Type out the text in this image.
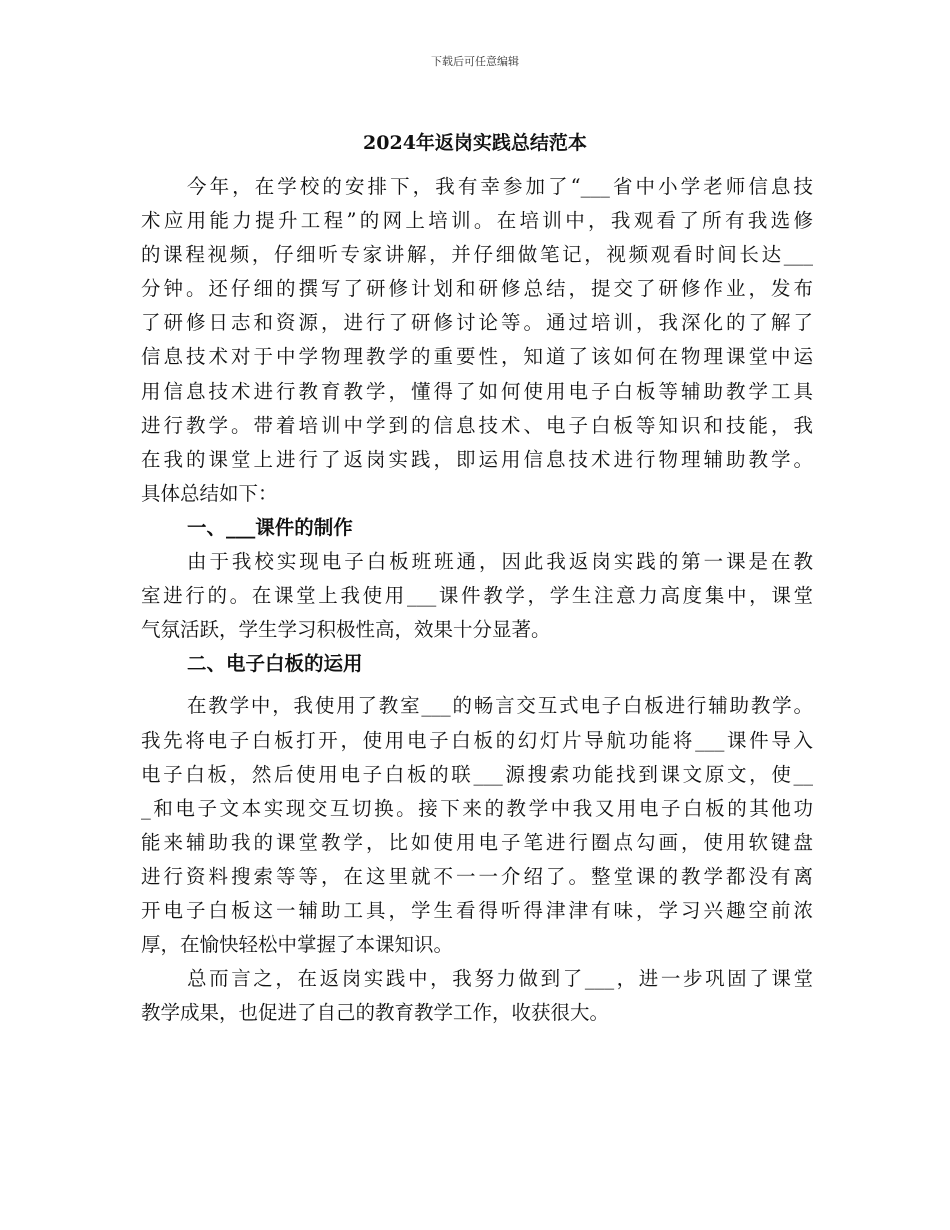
下载后可任意编辑
2024年返岗实践总结范本
今年，在学校的安排下，我有幸参加了“___省中小学老师信息技
术应用能力提升工程”的网上培训。在培训中，我观看了所有我选修
的课程视频，仔细听专家讲解，并仔细做笔记，视频观看时间长达___
分钟。还仔细的撰写了研修计划和研修总结，提交了研修作业，发布
了研修日志和资源，进行了研修讨论等。通过培训，我深化的了解了
信息技术对于中学物理教学的重要性，知道了该如何在物理课堂中运
用信息技术进行教育教学，懂得了如何使用电子白板等辅助教学工具
进行教学。带着培训中学到的信息技术、电子白板等知识和技能，我
在我的课堂上进行了返岗实践，即运用信息技术进行物理辅助教学。
具体总结如下：
一、___课件的制作
由于我校实现电子白板班班通，因此我返岗实践的第一课是在教
室进行的。在课堂上我使用___课件教学，学生注意力高度集中，课堂
气氛活跃，学生学习积极性高，效果十分显著。
二、电子白板的运用
在教学中，我使用了教室___的畅言交互式电子白板进行辅助教学。
我先将电子白板打开，使用电子白板的幻灯片导航功能将___课件导入
电子白板，然后使用电子白板的联___源搜索功能找到课文原文，使__
_和电子文本实现交互切换。接下来的教学中我又用电子白板的其他功
能来辅助我的课堂教学，比如使用电子笔进行圈点勾画，使用软键盘
进行资料搜索等等，在这里就不一一介绍了。整堂课的教学都没有离
开电子白板这一辅助工具，学生看得听得津津有味，学习兴趣空前浓
厚，在愉快轻松中掌握了本课知识。
总而言之，在返岗实践中，我努力做到了___，进一步巩固了课堂
教学成果，也促进了自己的教育教学工作，收获很大。
